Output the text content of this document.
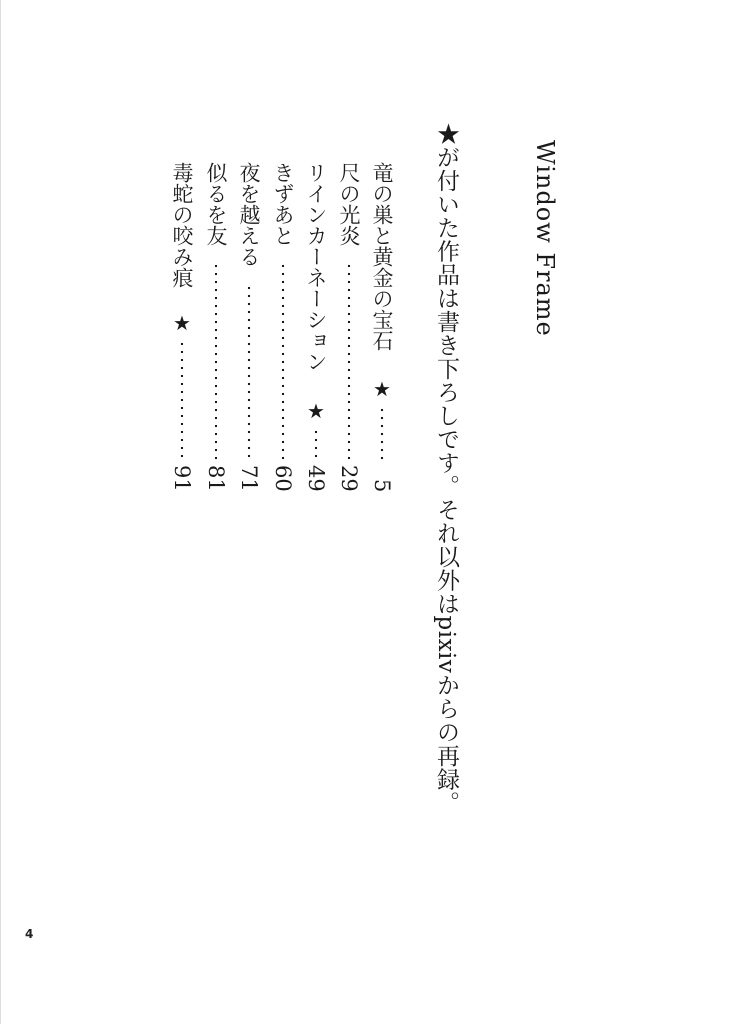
Window Frame
★が付いた作品は書き下ろしです。それ以外はpixivからの再録。
竜の巣と黄金の宝石
5
★
尺の光炎
29
リインカーネーション
49
★
きずあと
60
夜を越える
71
似るを友
81
毒蛇の咬み痕
91
★
4
